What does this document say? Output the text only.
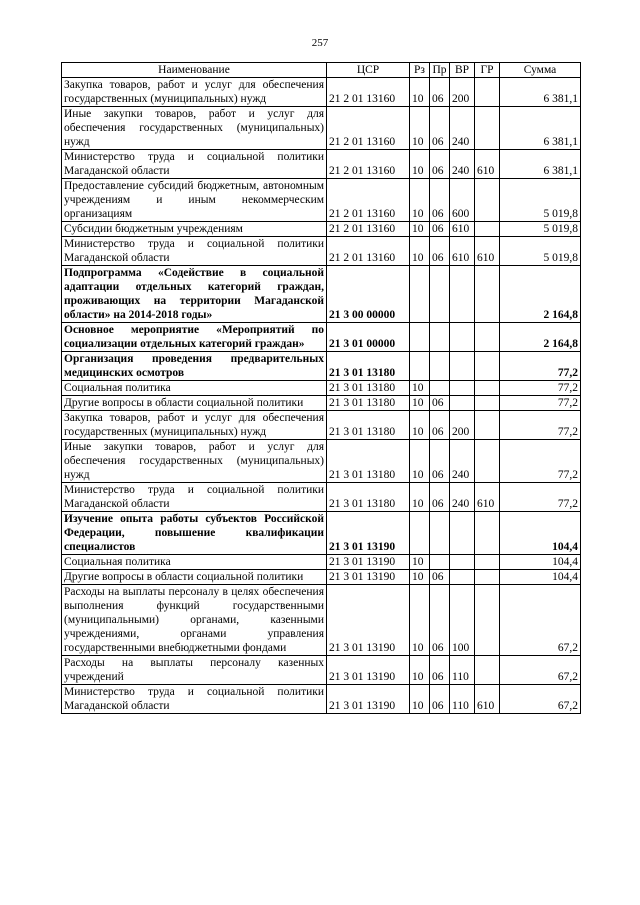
257
Наименование	ЦСР	Рз	Пр	ВР	ГР	Сумма
Закупка товаров, работ и услуг для обеспечения государственных (муниципальных) нужд	21 2 01 13160	10	06	200		6 381,1
Иные закупки товаров, работ и услуг для обеспечения государственных (муниципальных) нужд	21 2 01 13160	10	06	240		6 381,1
Министерство труда и социальной политики Магаданской области	21 2 01 13160	10	06	240	610	6 381,1
Предоставление субсидий бюджетным, автономным учреждениям и иным некоммерческим организациям	21 2 01 13160	10	06	600		5 019,8
Субсидии бюджетным учреждениям	21 2 01 13160	10	06	610		5 019,8
Министерство труда и социальной политики Магаданской области	21 2 01 13160	10	06	610	610	5 019,8
Подпрограмма «Содействие в социальной адаптации отдельных категорий граждан, проживающих на территории Магаданской области» на 2014-2018 годы»	21 3 00 00000					2 164,8
Основное мероприятие «Мероприятий по социализации отдельных категорий граждан»	21 3 01 00000					2 164,8
Организация проведения предварительных медицинских осмотров	21 3 01 13180					77,2
Социальная политика	21 3 01 13180	10				77,2
Другие вопросы в области социальной политики	21 3 01 13180	10	06			77,2
Закупка товаров, работ и услуг для обеспечения государственных (муниципальных) нужд	21 3 01 13180	10	06	200		77,2
Иные закупки товаров, работ и услуг для обеспечения государственных (муниципальных) нужд	21 3 01 13180	10	06	240		77,2
Министерство труда и социальной политики Магаданской области	21 3 01 13180	10	06	240	610	77,2
Изучение опыта работы субъектов Российской Федерации, повышение квалификации специалистов	21 3 01 13190					104,4
Социальная политика	21 3 01 13190	10				104,4
Другие вопросы в области социальной политики	21 3 01 13190	10	06			104,4
Расходы на выплаты персоналу в целях обеспечения выполнения функций государственными (муниципальными) органами, казенными учреждениями, органами управления государственными внебюджетными фондами	21 3 01 13190	10	06	100		67,2
Расходы на выплаты персоналу казенных учреждений	21 3 01 13190	10	06	110		67,2
Министерство труда и социальной политики Магаданской области	21 3 01 13190	10	06	110	610	67,2
